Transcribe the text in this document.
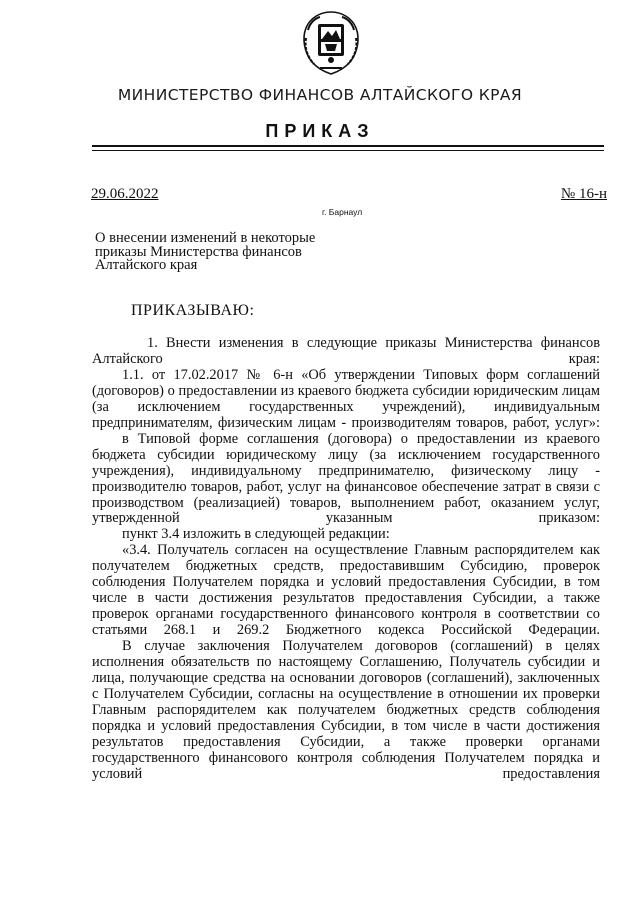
МИНИСТЕРСТВО ФИНАНСОВ АЛТАЙСКОГО КРАЯ
ПРИКАЗ
29.06.2022	№ 16-н
г. Барнаул
О внесении изменений в некоторые
приказы Министерства финансов
Алтайского края
ПРИКАЗЫВАЮ:

1. Внести изменения в следующие приказы Министерства финансов Алтайского края:

1.1. от 17.02.2017 № 6-н «Об утверждении Типовых форм соглашений (договоров) о предоставлении из краевого бюджета субсидии юридическим лицам (за исключением государственных учреждений), индивидуальным предпринимателям, физическим лицам - производителям товаров, работ, услуг»:

в Типовой форме соглашения (договора) о предоставлении из краевого бюджета субсидии юридическому лицу (за исключением государственного учреждения), индивидуальному предпринимателю, физическому лицу - производителю товаров, работ, услуг на финансовое обеспечение затрат в связи с производством (реализацией) товаров, выполнением работ, оказанием услуг, утвержденной указанным приказом:

пункт 3.4 изложить в следующей редакции:

«3.4. Получатель согласен на осуществление Главным распорядителем как получателем бюджетных средств, предоставившим Субсидию, проверок соблюдения Получателем порядка и условий предоставления Субсидии, в том числе в части достижения результатов предоставления Субсидии, а также проверок органами государственного финансового контроля в соответствии со статьями 268.1 и 269.2 Бюджетного кодекса Российской Федерации.

В случае заключения Получателем договоров (соглашений) в целях исполнения обязательств по настоящему Соглашению, Получатель субсидии и лица, получающие средства на основании договоров (соглашений), заключенных с Получателем Субсидии, согласны на осуществление в отношении их проверки Главным распорядителем как получателем бюджетных средств соблюдения порядка и условий предоставления Субсидии, в том числе в части достижения результатов предоставления Субсидии, а также проверки органами государственного финансового контроля соблюдения Получателем порядка и условий предоставления
